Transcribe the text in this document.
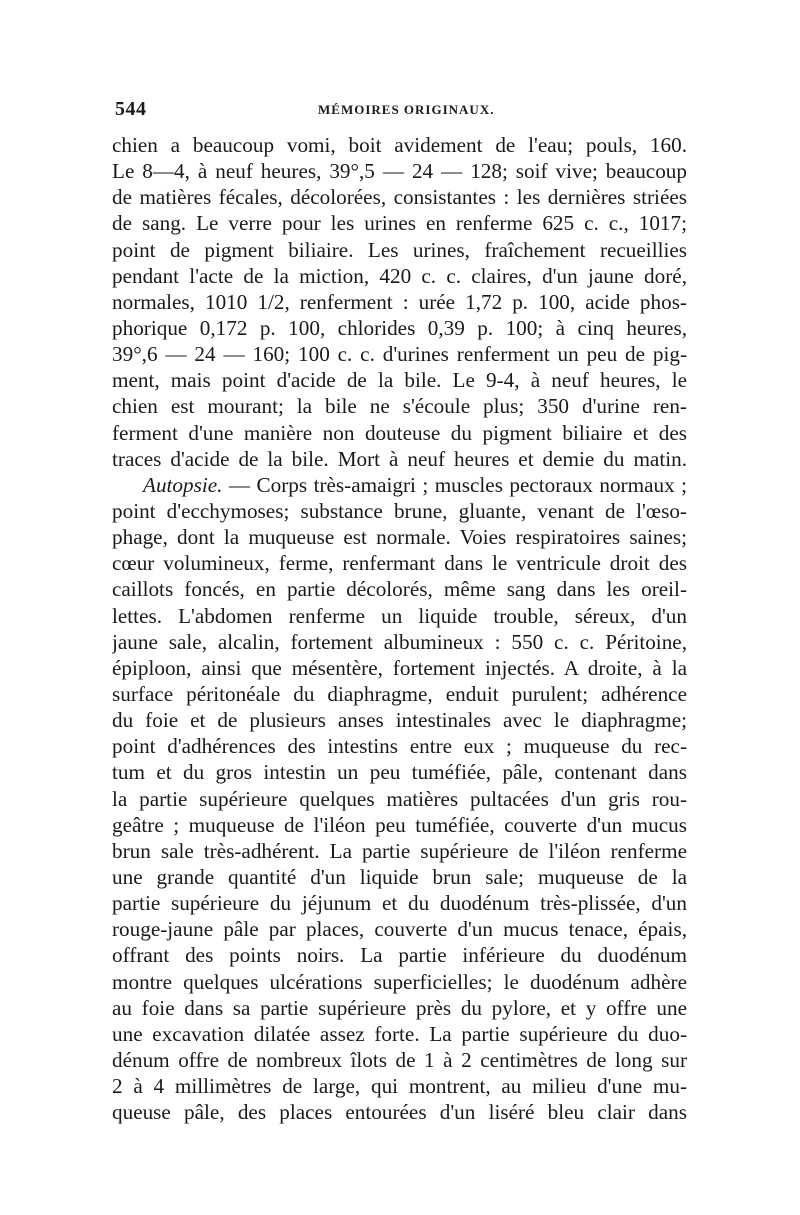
544	MÉMOIRES ORIGINAUX.
chien a beaucoup vomi, boit avidement de l'eau; pouls, 160.
Le 8—4, à neuf heures, 39°,5 — 24 — 128; soif vive; beaucoup
de matières fécales, décolorées, consistantes : les dernières striées
de sang. Le verre pour les urines en renferme 625 c. c., 1017;
point de pigment biliaire. Les urines, fraîchement recueillies
pendant l'acte de la miction, 420 c. c. claires, d'un jaune doré,
normales, 1010 1/2, renferment : urée 1,72 p. 100, acide phos-
phorique 0,172 p. 100, chlorides 0,39 p. 100; à cinq heures,
39°,6 — 24 — 160; 100 c. c. d'urines renferment un peu de pig-
ment, mais point d'acide de la bile. Le 9-4, à neuf heures, le
chien est mourant; la bile ne s'écoule plus; 350 d'urine ren-
ferment d'une manière non douteuse du pigment biliaire et des
traces d'acide de la bile. Mort à neuf heures et demie du matin.
Autopsie. — Corps très-amaigri ; muscles pectoraux normaux ;
point d'ecchymoses; substance brune, gluante, venant de l'œso-
phage, dont la muqueuse est normale. Voies respiratoires saines;
cœur volumineux, ferme, renfermant dans le ventricule droit des
caillots foncés, en partie décolorés, même sang dans les oreil-
lettes. L'abdomen renferme un liquide trouble, séreux, d'un
jaune sale, alcalin, fortement albumineux : 550 c. c. Péritoine,
épiploon, ainsi que mésentère, fortement injectés. A droite, à la
surface péritonéale du diaphragme, enduit purulent; adhérence
du foie et de plusieurs anses intestinales avec le diaphragme;
point d'adhérences des intestins entre eux ; muqueuse du rec-
tum et du gros intestin un peu tuméfiée, pâle, contenant dans
la partie supérieure quelques matières pultacées d'un gris rou-
geâtre ; muqueuse de l'iléon peu tuméfiée, couverte d'un mucus
brun sale très-adhérent. La partie supérieure de l'iléon renferme
une grande quantité d'un liquide brun sale; muqueuse de la
partie supérieure du jéjunum et du duodénum très-plissée, d'un
rouge-jaune pâle par places, couverte d'un mucus tenace, épais,
offrant des points noirs. La partie inférieure du duodénum
montre quelques ulcérations superficielles; le duodénum adhère
au foie dans sa partie supérieure près du pylore, et y offre une
une excavation dilatée assez forte. La partie supérieure du duo-
dénum offre de nombreux îlots de 1 à 2 centimètres de long sur
2 à 4 millimètres de large, qui montrent, au milieu d'une mu-
queuse pâle, des places entourées d'un liséré bleu clair dans
